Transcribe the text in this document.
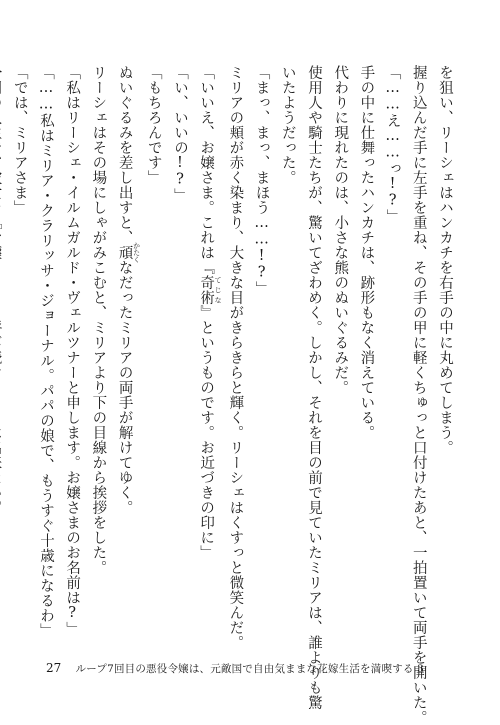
を狙い、リーシェはハンカチを右手の中に丸めてしまう。

握り込んだ手に左手を重ね、その手の甲に軽くちゅっと口付けたあと、一拍置いて両手を開いた。

「……え……っ!?」

手の中に仕舞ったハンカチは、跡形もなく消えている。

代わりに現れたのは、小さな熊のぬいぐるみだ。

使用人や騎士たちが、驚いてざわめく。しかし、それを目の前で見ていたミリアは、誰よりも驚

いたようだった。

「まっ、まっ、まほう……!?」

ミリアの頬が赤く染まり、大きな目がきらきらと輝く。リーシェはくすっと微笑んだ。

「いいえ、お嬢さま。これは『奇術 てじな』というものです。お近づきの印に」

「い、いいの!?」

「もちろんです」

ぬいぐるみを差し出すと、頑 かたくなだったミリアの両手が解けてゆく。

リーシェはその場にしゃがみこむと、ミリアより下の目線から挨拶をした。

「私はリーシェ・イルムガルド・ヴェルツナーと申します。お嬢さまのお名前は?」

「……私はミリア・クラリッサ・ジョーナル。パパの娘で、もうすぐ十歳になるわ」

「では、ミリアさま」

27 ループ7回目の悪役令嬢は、元敵国で自由気ままな花嫁生活を満喫する 3
